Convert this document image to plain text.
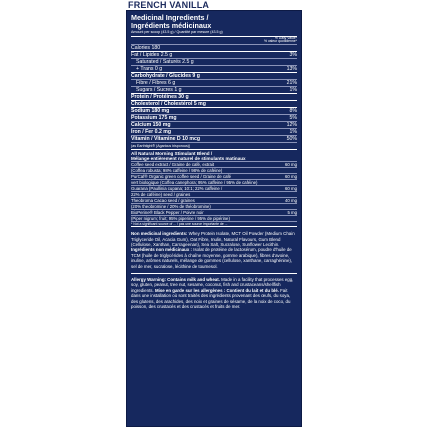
FRENCH VANILLA
Medicinal Ingredients /
Ingrédients médicinaux
Amount per scoop (43.5 g) / Quantité par mesure (43.5 g)
% Daily Value*
% valeur quotidienne*
Calories 180
Fat / Lipides 2.5 g	3%
Saturated / Saturés 2.5 g
+ Trans 0 g	13%
Carbohydrate / Glucides 9 g
Fibre / Fibres 6 g	21%
Sugars / Sucres 1 g	1%
Protein / Protéines 30 g
Cholesterol / Cholestérol 5 mg
Sodium 180 mg	8%
Potassium 175 mg	5%
Calcium 150 mg	12%
Iron / Fer 0.2 mg	1%
Vitamin / Vitamine D 10 mcg	50%
(as Earthtight® (Agaricus bisporous))
All Natural Morning Stimulant Blend /
Mélange entièrement naturel de stimulants matinaux
Coffee seed extract / Graine de café, extrait	60 mg
(Coffea robusta; 98% caffeine / 98% de caféine)
PurCaf® Organic green coffee seed / Graine de café	60 mg
vert biologique (Coffea canephora; 95% caffeine / 95% de caféine)
Guarana (Paullinia cupana; 10:1; 22% caffeine /	60 mg
22% de caféine) seed / graines
Theobroma Cacao seed / graines	40 mg
(20% theobromine / 20% de théobromine)
BioPerine® Black Pepper / Poivre noir	5 mg
(Piper nigrum; fruit; 95% piperine / 95% de pipérine)
* Not a significant source of ... / pas une source importante de ...
Non medicinal ingredients: Whey Protein Isolate, MCT Oil Powder (Medium Chain Triglyceride Oil, Acacia Gum), Oat Fibre, Inulin, Natural Flavours, Gum Blend (Cellulose, Xanthan, Carrageenan), Sea Salt, Sucralose, Sunflower Lecithin. Ingrédients non médicinaux : Isolat de protéine de lactosérum, poudre d'huile de TCM (huile de triglycérides à chaîne moyenne, gomme arabique), fibres d'avoine, inuline, arômes naturels, mélange de gommes (cellulose, xanthane, carraghénine), sel de mer, sucralose, lécithine de tournesol.
Allergy Warning: Contains milk and wheat. Made in a facility that processes egg, soy, gluten, peanut, tree nut, sesame, coconut, fish and crustaceans/shellfish ingredients. Mise en garde sur les allergènes : Contient du lait et du blé. Fait dans une installation où sont traités des ingrédients provenant des œufs, du soya, des glutens, des arachides, des noix et graines de sésame, de la noix de coco, du poisson, des crustacés et des crustacés et fruits de mer.
